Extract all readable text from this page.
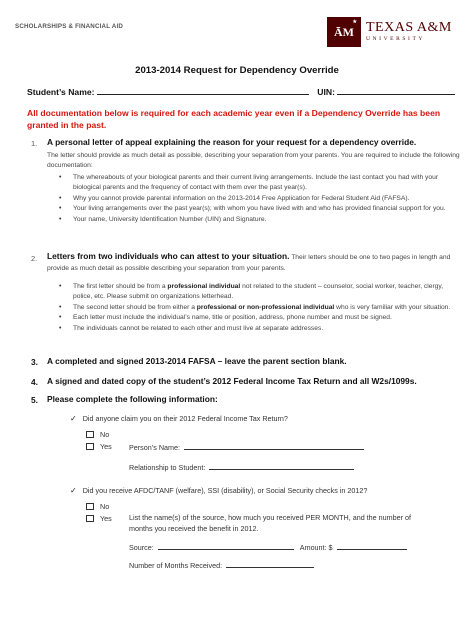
SCHOLARSHIPS & FINANCIAL AID	ĀM
★ TEXAS A&M
UNIVERSITY
2013-2014 Request for Dependency Override
Student’s Name:	UIN:
All documentation below is required for each academic year even if a Dependency Override has been granted in the past.
1. A personal letter of appeal explaining the reason for your request for a dependency override.
The letter should provide as much detail as possible, describing your separation from your parents. You are required to include the following documentation:
• The whereabouts of your biological parents and their current living arrangements. Include the last contact you had with your biological parents and the frequency of contact with them over the past year(s).
• Why you cannot provide parental information on the 2013-2014 Free Application for Federal Student Aid (FAFSA).
• Your living arrangements over the past year(s); with whom you have lived with and who has provided financial support for you.
• Your name, University Identification Number (UIN) and Signature.
2. Letters from two individuals who can attest to your situation. Their letters should be one to two pages in length and provide as much detail as possible describing your separation from your parents.
• The first letter should be from a professional individual not related to the student – counselor, social worker, teacher, clergy, police, etc. Please submit on organizations letterhead.
• The second letter should be from either a professional or non-professional individual who is very familiar with your situation.
• Each letter must include the individual’s name, title or position, address, phone number and must be signed.
• The individuals cannot be related to each other and must live at separate addresses.
3. A completed and signed 2013-2014 FAFSA – leave the parent section blank.
4. A signed and dated copy of the student’s 2012 Federal Income Tax Return and all W2s/1099s.
5. Please complete the following information:
✓ Did anyone claim you on their 2012 Federal Income Tax Return?
No
Yes Person’s Name:
Relationship to Student:
✓ Did you receive AFDC/TANF (welfare), SSI (disability), or Social Security checks in 2012?
No
Yes List the name(s) of the source, how much you received PER MONTH, and the number of months you received the benefit in 2012.
Source:	Amount: $
Number of Months Received:
